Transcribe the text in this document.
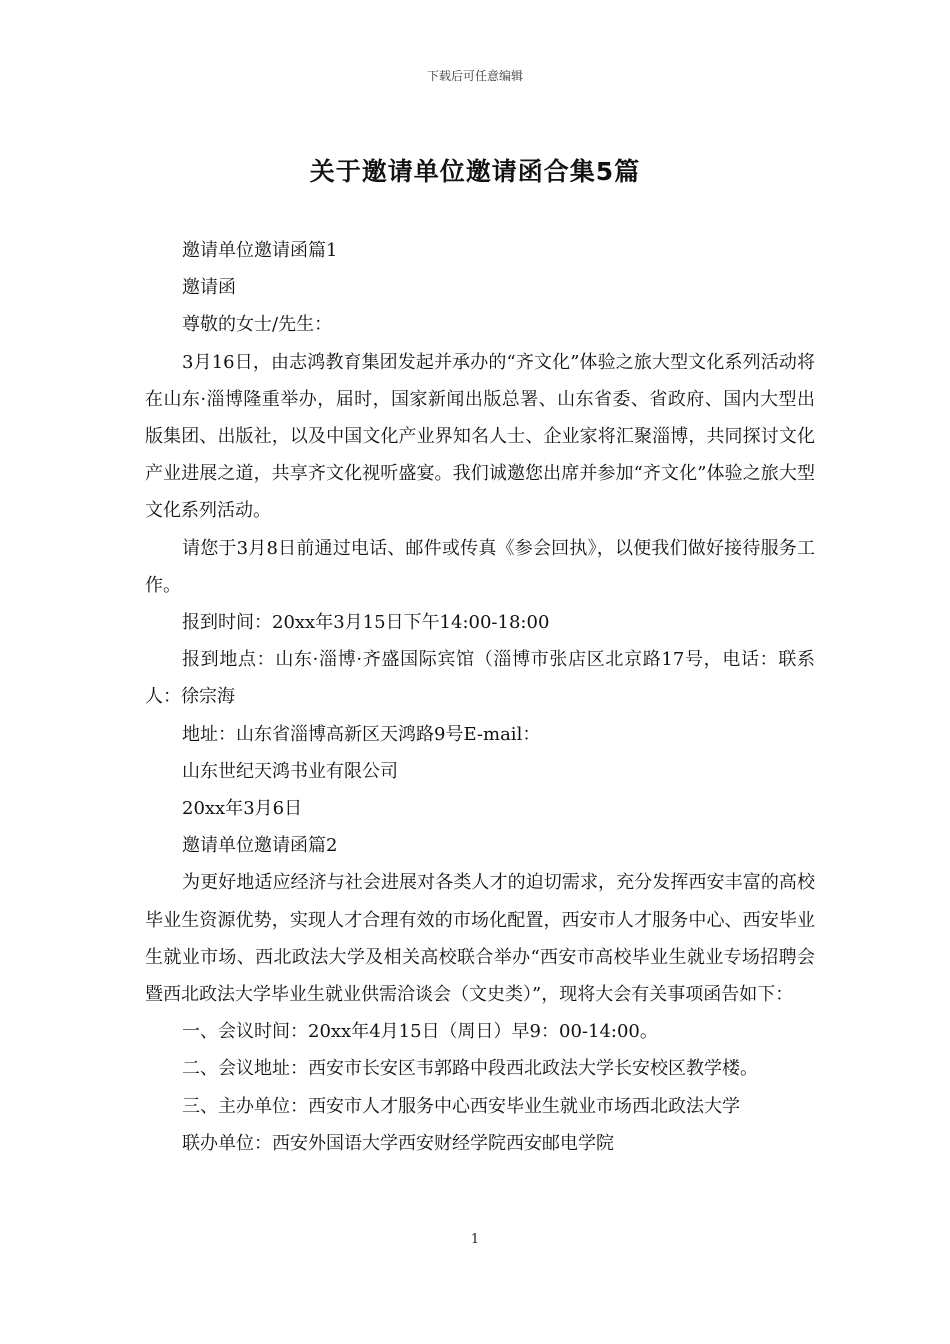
下载后可任意编辑
关于邀请单位邀请函合集5篇

邀请单位邀请函篇1

邀请函

尊敬的女士/先生：

3月16日，由志鸿教育集团发起并承办的“齐文化”体验之旅大型文化系列活动将在山东·淄博隆重举办，届时，国家新闻出版总署、山东省委、省政府、国内大型出版集团、出版社，以及中国文化产业界知名人士、企业家将汇聚淄博，共同探讨文化产业进展之道，共享齐文化视听盛宴。我们诚邀您出席并参加“齐文化”体验之旅大型文化系列活动。

请您于3月8日前通过电话、邮件或传真《参会回执》，以便我们做好接待服务工作。

报到时间：20xx年3月15日下午14:00-18:00

报到地点：山东·淄博·齐盛国际宾馆（淄博市张店区北京路17号，电话：联系人：徐宗海

地址：山东省淄博高新区天鸿路9号E-mail：

山东世纪天鸿书业有限公司

20xx年3月6日

邀请单位邀请函篇2

为更好地适应经济与社会进展对各类人才的迫切需求，充分发挥西安丰富的高校毕业生资源优势，实现人才合理有效的市场化配置，西安市人才服务中心、西安毕业生就业市场、西北政法大学及相关高校联合举办“西安市高校毕业生就业专场招聘会暨西北政法大学毕业生就业供需洽谈会（文史类）”，现将大会有关事项函告如下：

一、会议时间：20xx年4月15日（周日）早9：00-14:00。

二、会议地址：西安市长安区韦郭路中段西北政法大学长安校区教学楼。

三、主办单位：西安市人才服务中心西安毕业生就业市场西北政法大学

联办单位：西安外国语大学西安财经学院西安邮电学院

1
